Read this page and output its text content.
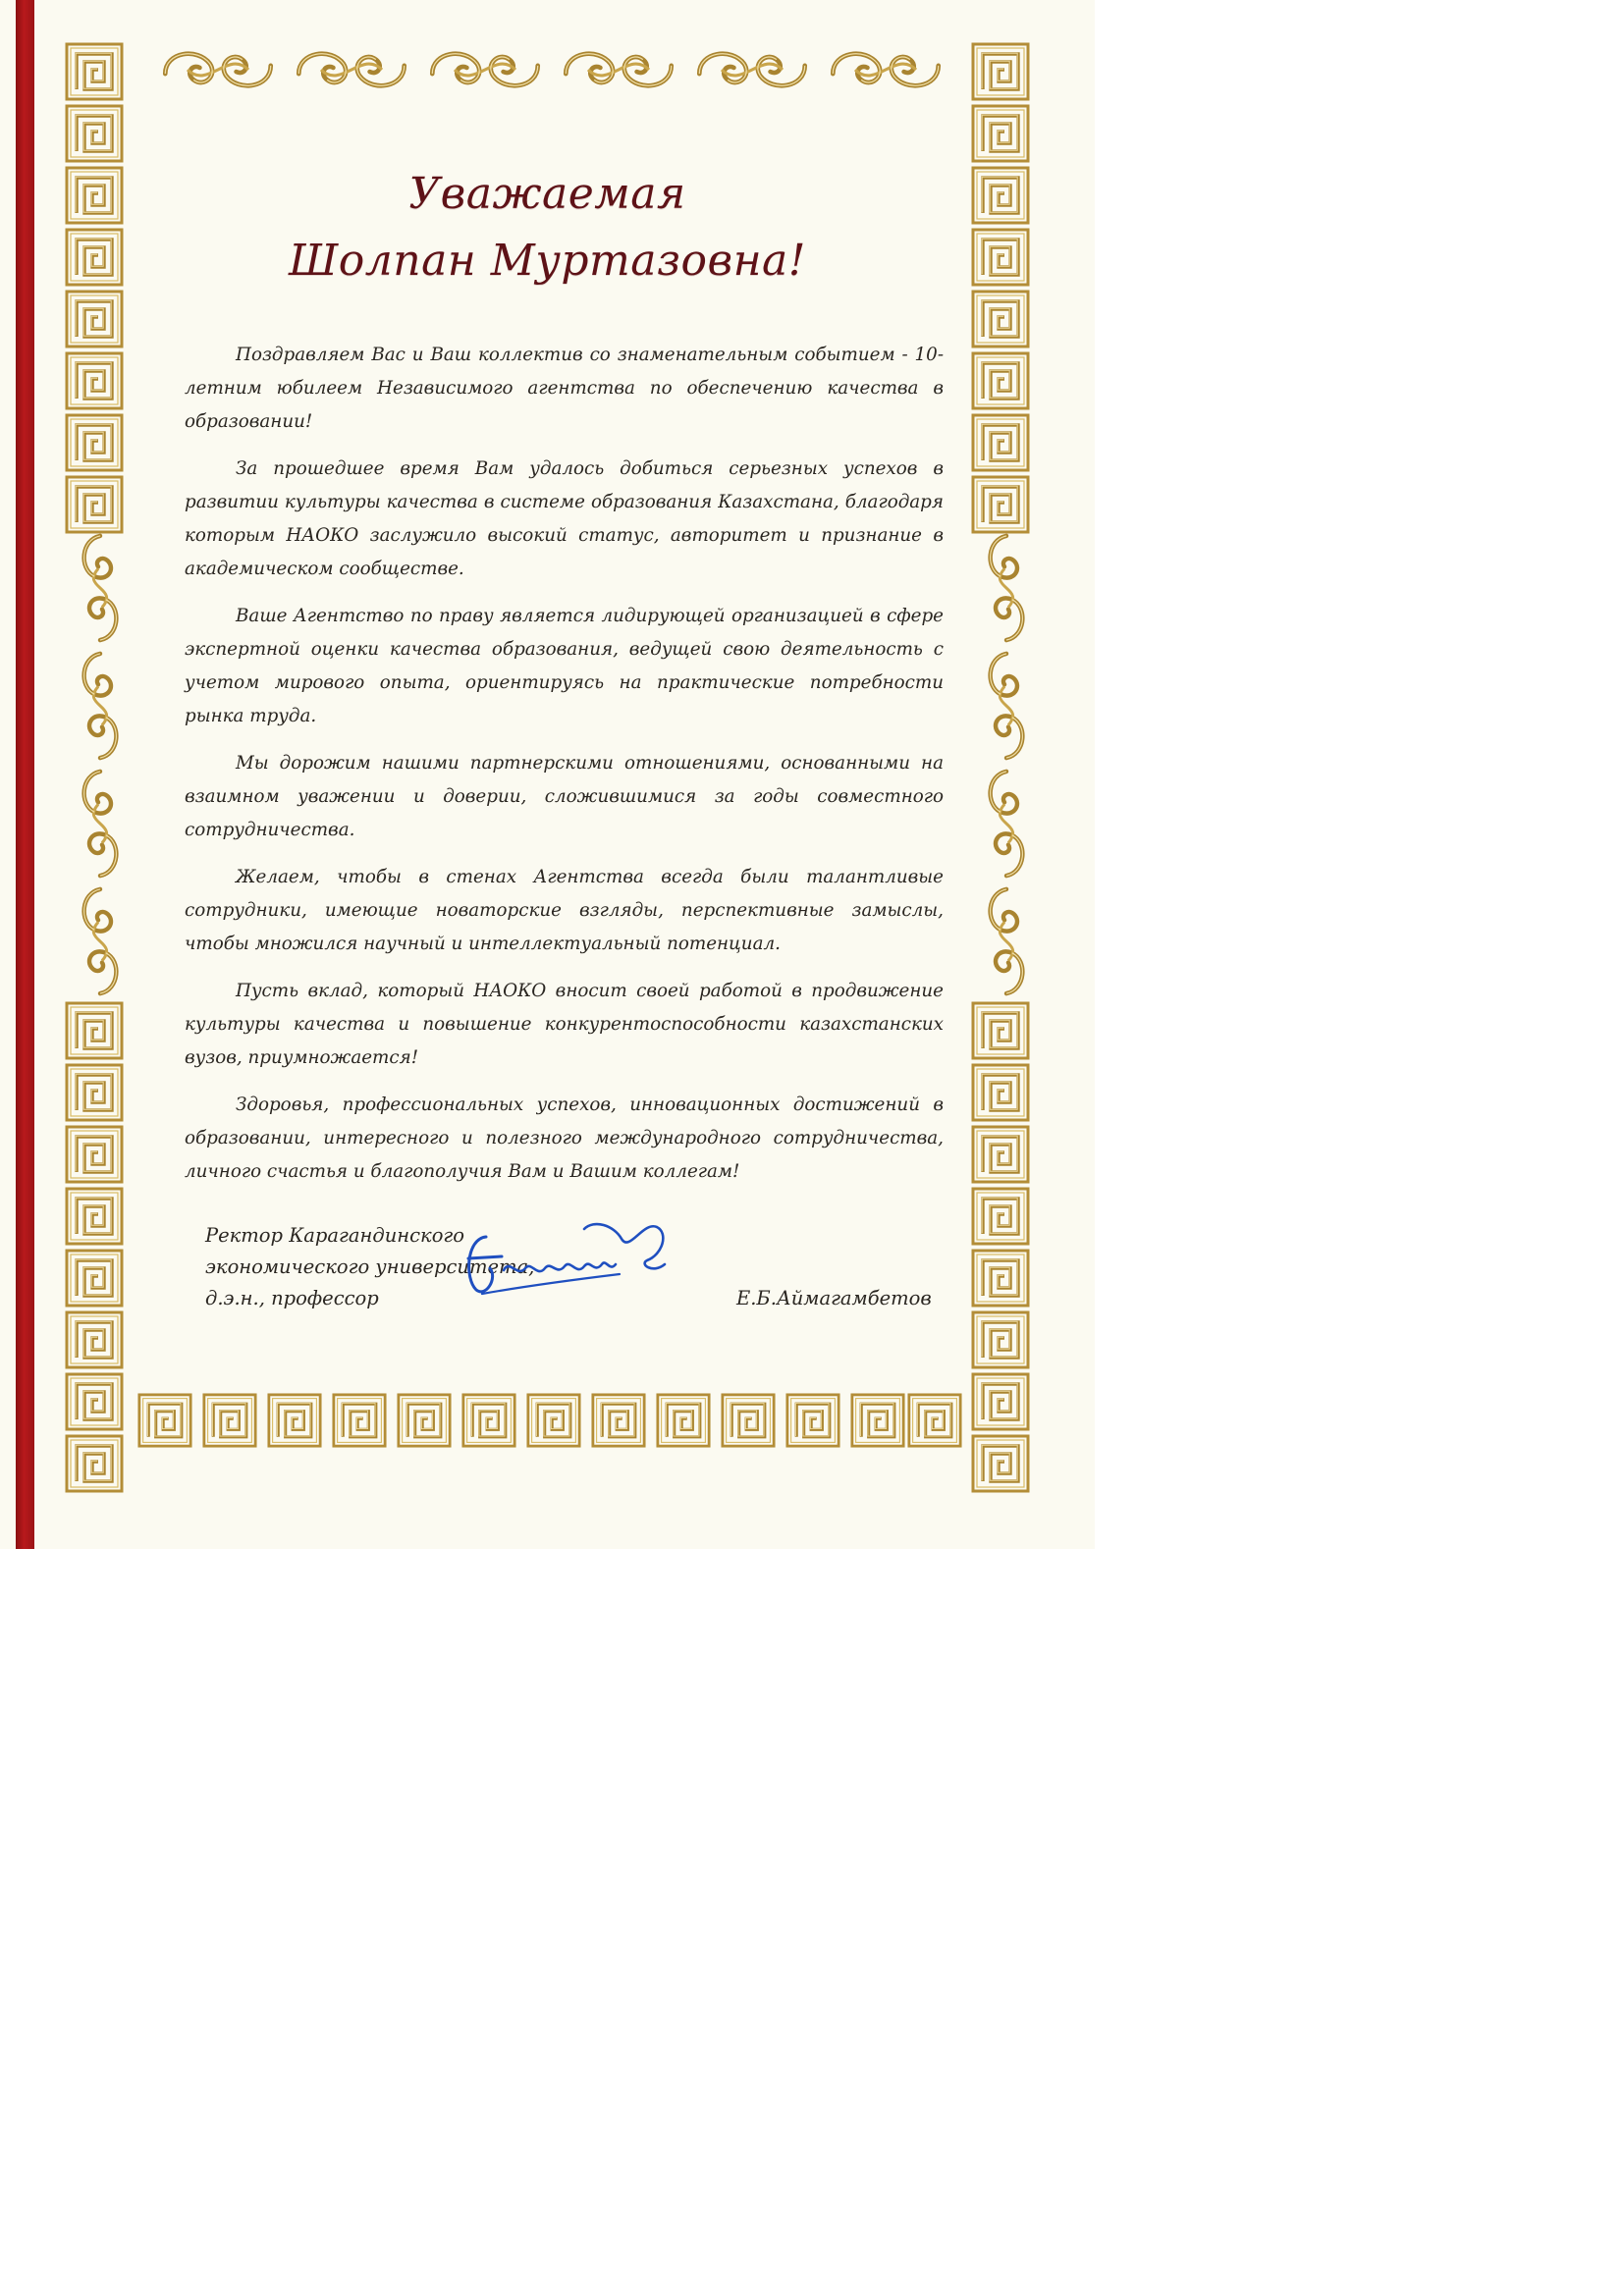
Уважаемая
Шолпан Муртазовна!

Поздравляем Вас и Ваш коллектив со знаменательным событием - 10-летним юбилеем Независимого агентства по обеспечению качества в образовании!

За прошедшее время Вам удалось добиться серьезных успехов в развитии культуры качества в системе образования Казахстана, благодаря которым НАОКО заслужило высокий статус, авторитет и признание в академическом сообществе.

Ваше Агентство по праву является лидирующей организацией в сфере экспертной оценки качества образования, ведущей свою деятельность с учетом мирового опыта, ориентируясь на практические потребности рынка труда.

Мы дорожим нашими партнерскими отношениями, основанными на взаимном уважении и доверии, сложившимися за годы совместного сотрудничества.

Желаем, чтобы в стенах Агентства всегда были талантливые сотрудники, имеющие новаторские взгляды, перспективные замыслы, чтобы множился научный и интеллектуальный потенциал.

Пусть вклад, который НАОКО вносит своей работой в продвижение культуры качества и повышение конкурентоспособности казахстанских вузов, приумножается!

Здоровья, профессиональных успехов, инновационных достижений в образовании, интересного и полезного международного сотрудничества, личного счастья и благополучия Вам и Вашим коллегам!

Ректор Карагандинского
экономического университета,
д.э.н., профессор	Е.Б.Аймагамбетов
